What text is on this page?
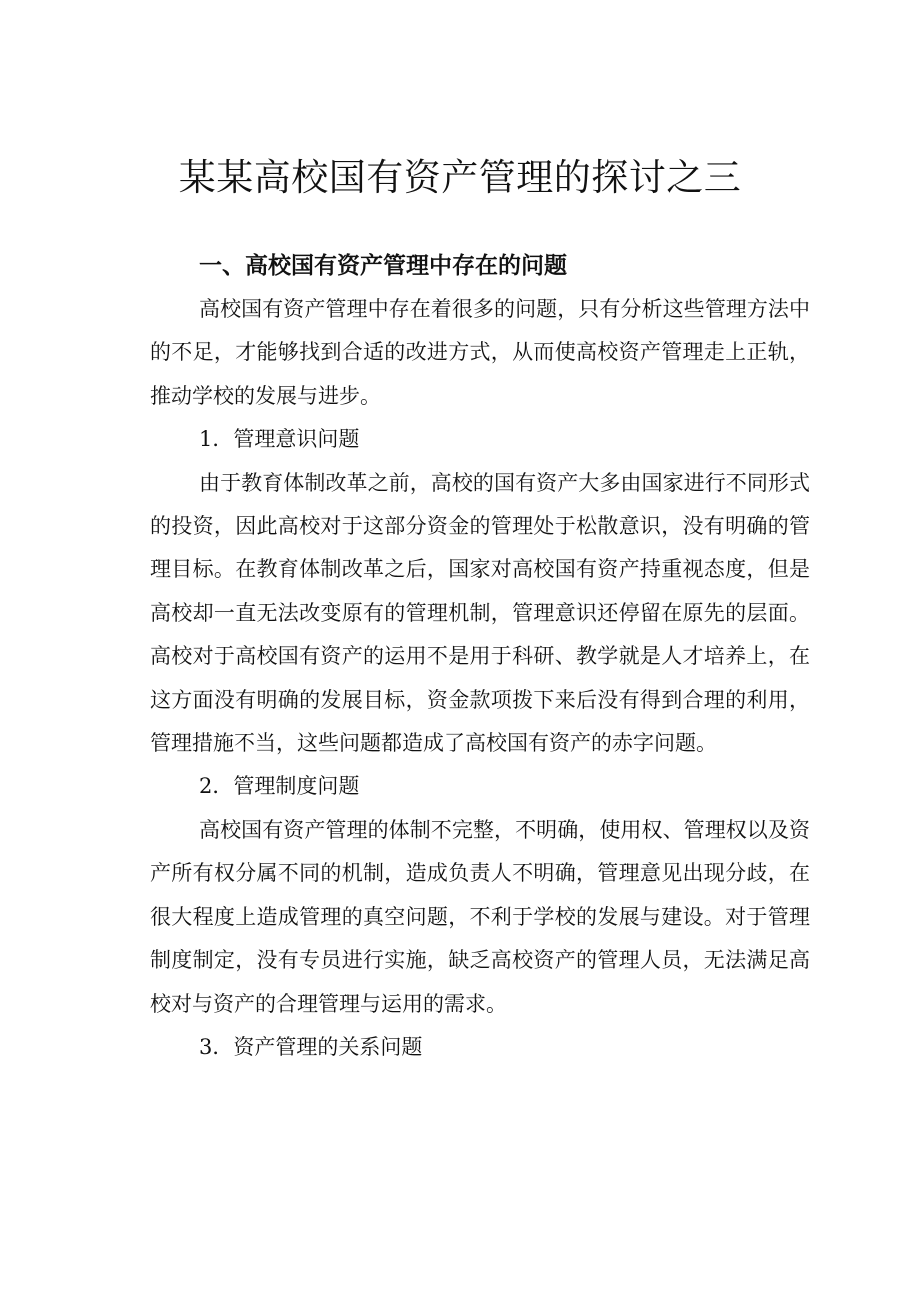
某某高校国有资产管理的探讨之三
一、高校国有资产管理中存在的问题

高校国有资产管理中存在着很多的问题，只有分析这些管理方法中的不足，才能够找到合适的改进方式，从而使高校资产管理走上正轨，推动学校的发展与进步。

1．管理意识问题

由于教育体制改革之前，高校的国有资产大多由国家进行不同形式的投资，因此高校对于这部分资金的管理处于松散意识，没有明确的管理目标。在教育体制改革之后，国家对高校国有资产持重视态度，但是高校却一直无法改变原有的管理机制，管理意识还停留在原先的层面。高校对于高校国有资产的运用不是用于科研、教学就是人才培养上，在这方面没有明确的发展目标，资金款项拨下来后没有得到合理的利用，管理措施不当，这些问题都造成了高校国有资产的赤字问题。

2．管理制度问题

高校国有资产管理的体制不完整，不明确，使用权、管理权以及资产所有权分属不同的机制，造成负责人不明确，管理意见出现分歧，在很大程度上造成管理的真空问题，不利于学校的发展与建设。对于管理制度制定，没有专员进行实施，缺乏高校资产的管理人员，无法满足高校对与资产的合理管理与运用的需求。

3．资产管理的关系问题
